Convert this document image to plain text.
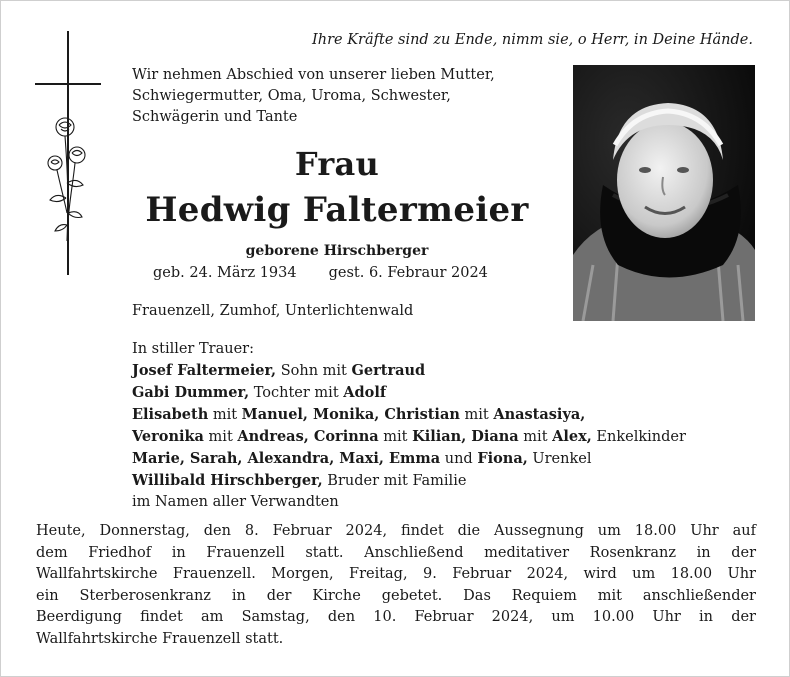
Ihre Kräfte sind zu Ende, nimm sie, o Herr, in Deine Hände.
Wir nehmen Abschied von unserer lieben Mutter,
Schwiegermutter, Oma, Uroma, Schwester,
Schwägerin und Tante
Frau
Hedwig Faltermeier
geborene Hirschberger
geb. 24. März 1934 gest. 6. Febraur 2024
Frauenzell, Zumhof, Unterlichtenwald
In stiller Trauer:
Josef Faltermeier, Sohn mit Gertraud
Gabi Dummer, Tochter mit Adolf
Elisabeth mit Manuel, Monika, Christian mit Anastasiya,
Veronika mit Andreas, Corinna mit Kilian, Diana mit Alex, Enkelkinder
Marie, Sarah, Alexandra, Maxi, Emma und Fiona, Urenkel
Willibald Hirschberger, Bruder mit Familie
im Namen aller Verwandten
Heute, Donnerstag, den 8. Februar 2024, findet die Aussegnung um 18.00 Uhr auf
dem Friedhof in Frauenzell statt. Anschließend meditativer Rosenkranz in der
Wallfahrtskirche Frauenzell. Morgen, Freitag, 9. Februar 2024, wird um 18.00 Uhr
ein Sterberosenkranz in der Kirche gebetet. Das Requiem mit anschließender
Beerdigung findet am Samstag, den 10. Februar 2024, um 10.00 Uhr in der
Wallfahrtskirche Frauenzell statt.
